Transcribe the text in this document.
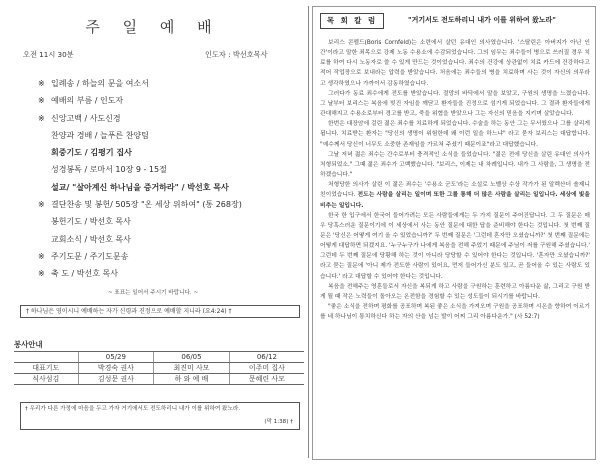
주 일 예 배
오전 11시 30분	인도자 : 박선호목사
※ 입례송 / 하늘의 문을 여소서
※ 예배의 부름 / 인도자
※ 신앙고백 / 사도신경
찬양과 경배 / 늘푸른 찬양팀
회중기도 / 김평기 집사
성경봉독 / 로마서 10장 9 - 15절
설교/ "살아계신 하나님을 증거하라" / 박선호 목사
※ 결단찬송 및 봉헌/ 505장 "온 세상 위하여" (통 268장)
봉헌기도 / 박선호 목사
교회소식 / 박선호 목사
※ 주기도문 / 주기도문송
※ 축 도 / 박선호 목사
~ 표표는 일어서 주시기 바랍니다. ~
† 하나님은 영이시니 예배하는 자가 신령과 진정으로 예배할 지니라 (요4:24) †
봉사안내
	05/29	06/05	06/12
대표기도	박경숙 권사	최진미 사모	이주미 집사
식사섬김	김성문 권사	하 와 예 배	문혜린 사모
† 우리가 다른 가정에 마음을 두고 가자 거기에서도 전도하리니 내가 이를 위하여 왔노라.
(막 1:38) †
목 회 칼 럼	"거기서도 전도하리니 내가 이를 위하여 왔노라"

보리스 콘펠드(Boris Cornfeld)는 소련에서 살던 유대인 의사였습니다. '스탈린은 아버지가 아닌 인간'이라고 말한 죄목으로 강제 노동 수용소에 수감되었습니다. 그의 임무는 죄수들이 병으로 쓰러질 경우 치료를 하여 다시 노동자로 쓸 수 있게 만드는 것이었습니다. 죄수의 건강에 상관없이 치료 카드에 건강하다고 적어 작업장으로 보내라는 압력을 받았습니다. 처음에는 죄수들의 병을 치료하며 사는 것이 자신의 의무라고 생각하였으나 가까이서 감동하였습니다.

그러다가 동료 죄수에게 전도를 받았습니다. 절망의 바닥에서 말을 보았고, 구원의 생명을 느꼈습니다. 그 날부터 보리스는 복음에 빚진 자임을 깨닫고 환자들을 진정으로 섬기게 되었습니다. 그 결과 환자들에게 관대해지고 수용소로부터 경고를 받고, 죽을 위협을 받았으나 그는 자신의 믿음을 지키며 살았습니다.

한번은 대장암에 걸린 젊은 죄수를 치료하게 되었습니다. 수술을 하는 동안 그는 무서웠으나 그를 살리게 됩니다. 치료받는 환자는 "당신의 생명이 위험한데 왜 이런 일을 하느냐" 라고 묻자 보리스는 대답합니다. "예수께서 당신이 너무도 소중한 존재임을 가르쳐 주셨기 때문이죠"라고 대답했습니다.

그날 저녁 젊은 죄수는 간수로부터 충격적인 소식을 들었습니다. "젊은 전에 당신을 살린 유대인 의사가 처형되었소." 그때 젊은 죄수가 고백했습니다. "보리스, 이제는 내 차례입니다. 내가 그 사람을, 그 생명을 전하겠습니다."

처형당한 의사가 살린 이 젊은 죄수는 '수용소 군도'라는 소설로 노벨상 수상 작가가 된 알렉산더 솔제니친이었습니다. 전도는 사람을 살리는 일이며 또한 그를 통해 더 많은 사람을 살리는 일입니다. 세상에 빛을 비추는 일입니다.

한국 한 입구에서 한국어 들어가려는 모든 사람들에게는 두 가지 질문이 주어진답니다. 그 두 질문은 매우 당혹스러운 질문이기에 이 세상에서 사는 동안 질문에 대한 답을 준비해야 한다는 것입니다. 첫 번째 질문은 '당신은 어떻게 여기 올 수 있었습니까?' 두 번째 질문은 '그런데 혼자만 오셨습니까?' 첫 번째 질문에는 어떻게 대답하면 되겠지요. '누구누구가 나에게 복음을 전해 주었기 때문에 주님이 저를 구원해 주셨습니다.' 그런데 두 번째 질문에 당황해 하는 것이 아니라 당당할 수 있어야 한다는 것입니다. '혼자만 오셨습니까?' 라고 묻는 질문에 '아니 제가 전도한 사람이 있어요, 먼저 들어가신 분도 있고, 곧 들어올 수 있는 사람도 있습니다.' 라고 대답할 수 있어야 한다는 것입니다.

복음을 전해주는 영혼들로서 자신을 복되게 하고 사람을 구원하는 훈련하고 아름다운 삶, 그리고 구원 받게 될 때 작은 노력들이 돌아오는 온전함을 경험할 수 있는 성도들이 되시기를 바랍니다.

"좋은 소식을 전하며 평화를 공포하며 복된 좋은 소식을 가져오며 구원을 공포하며 시온을 향하여 이르기를 네 하나님이 통치하신다 하는 자의 산을 넘는 발이 어찌 그리 아름다운가." (사 52:7)
